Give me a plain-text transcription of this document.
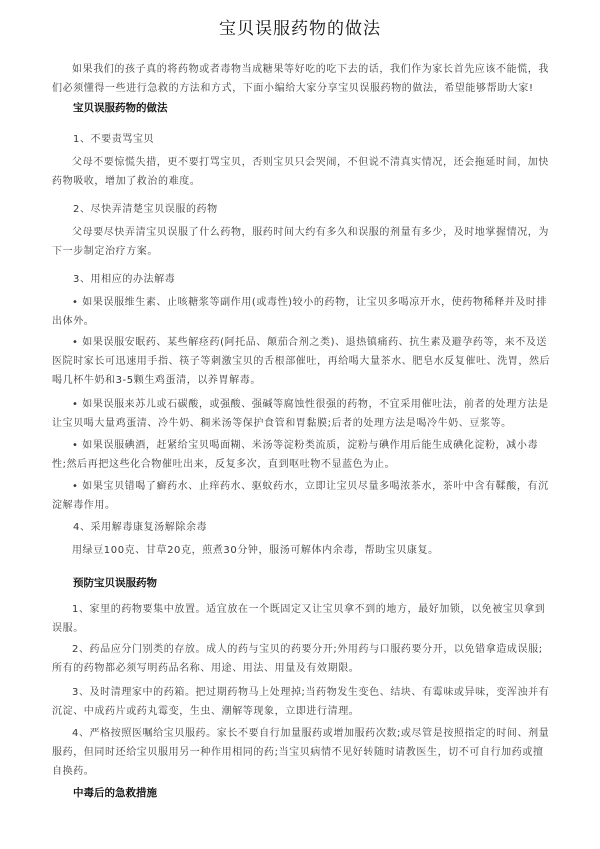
宝贝误服药物的做法

如果我们的孩子真的将药物或者毒物当成糖果等好吃的吃下去的话，我们作为家长首先应该不能慌，我们必须懂得一些进行急救的方法和方式，下面小编给大家分享宝贝误服药物的做法，希望能够帮助大家!

宝贝误服药物的做法
1、不要责骂宝贝

父母不要惊慌失措，更不要打骂宝贝，否则宝贝只会哭闹，不但说不清真实情况，还会拖延时间，加快药物吸收，增加了救治的难度。

2、尽快弄清楚宝贝误服的药物

父母要尽快弄清宝贝误服了什么药物，服药时间大约有多久和误服的剂量有多少，及时地掌握情况，为下一步制定治疗方案。

3、用相应的办法解毒

• 如果误服维生素、止咳糖浆等副作用(或毒性)较小的药物，让宝贝多喝凉开水，使药物稀释并及时排出体外。

• 如果误服安眠药、某些解痉药(阿托品、颠茄合剂之类)、退热镇痛药、抗生素及避孕药等，来不及送医院时家长可迅速用手指、筷子等刺激宝贝的舌根部催吐，再给喝大量茶水、肥皂水反复催吐、洗胃，然后喝几杯牛奶和3-5颗生鸡蛋清，以养胃解毒。

• 如果误服来苏儿或石碳酸，或强酸、强碱等腐蚀性很强的药物，不宜采用催吐法，前者的处理方法是让宝贝喝大量鸡蛋清、冷牛奶、稠米汤等保护食管和胃黏膜;后者的处理方法是喝冷牛奶、豆浆等。

• 如果误服碘酒，赶紧给宝贝喝面糊、米汤等淀粉类流质，淀粉与碘作用后能生成碘化淀粉，减小毒性;然后再把这些化合物催吐出来，反复多次，直到呕吐物不显蓝色为止。

• 如果宝贝错喝了癣药水、止痒药水、驱蚊药水，立即让宝贝尽量多喝浓茶水，茶叶中含有鞣酸，有沉淀解毒作用。

4、采用解毒康复汤解除余毒

用绿豆100克、甘草20克，煎煮30分钟，服汤可解体内余毒，帮助宝贝康复。

预防宝贝误服药物

1、家里的药物要集中放置。适宜放在一个既固定又让宝贝拿不到的地方，最好加锁，以免被宝贝拿到误服。

2、药品应分门别类的存放。成人的药与宝贝的药要分开;外用药与口服药要分开，以免错拿造成误服;所有的药物都必须写明药品名称、用途、用法、用量及有效期限。

3、及时清理家中的药箱。把过期药物马上处理掉;当药物发生变色、结块、有霉味或异味，变浑浊并有沉淀、中成药片或药丸霉变，生虫、潮解等现象，立即进行清理。

4、严格按照医嘱给宝贝服药。家长不要自行加量服药或增加服药次数;或尽管是按照指定的时间、剂量服药，但同时还给宝贝服用另一种作用相同的药;当宝贝病情不见好转随时请教医生，切不可自行加药或擅自换药。

中毒后的急救措施
